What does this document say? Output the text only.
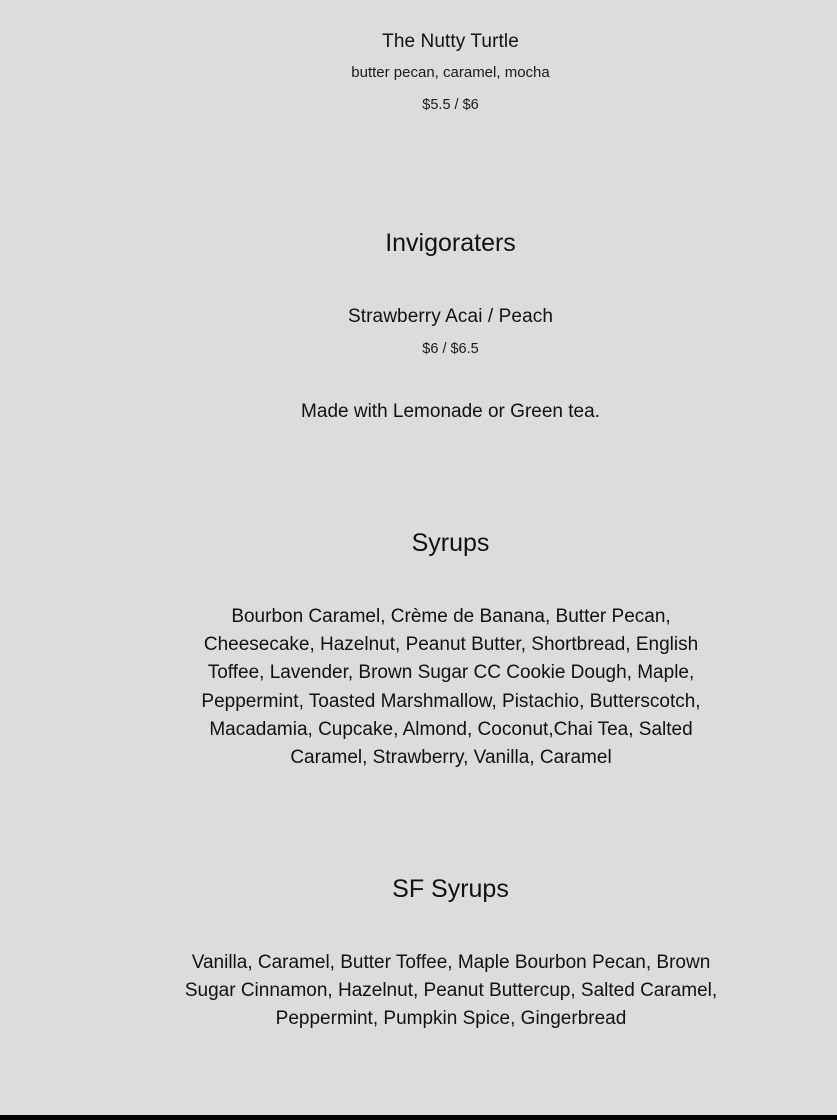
The Nutty Turtle
butter pecan, caramel, mocha
$5.5 / $6
Invigoraters
Strawberry Acai / Peach
$6 / $6.5
Made with Lemonade or Green tea.
Syrups
Bourbon Caramel, Crème de Banana, Butter Pecan, Cheesecake, Hazelnut, Peanut Butter, Shortbread, English Toffee, Lavender, Brown Sugar CC Cookie Dough, Maple, Peppermint, Toasted Marshmallow, Pistachio, Butterscotch, Macadamia, Cupcake, Almond, Coconut,Chai Tea, Salted Caramel, Strawberry, Vanilla, Caramel
SF Syrups
Vanilla, Caramel, Butter Toffee, Maple Bourbon Pecan, Brown Sugar Cinnamon, Hazelnut, Peanut Buttercup, Salted Caramel, Peppermint, Pumpkin Spice, Gingerbread
